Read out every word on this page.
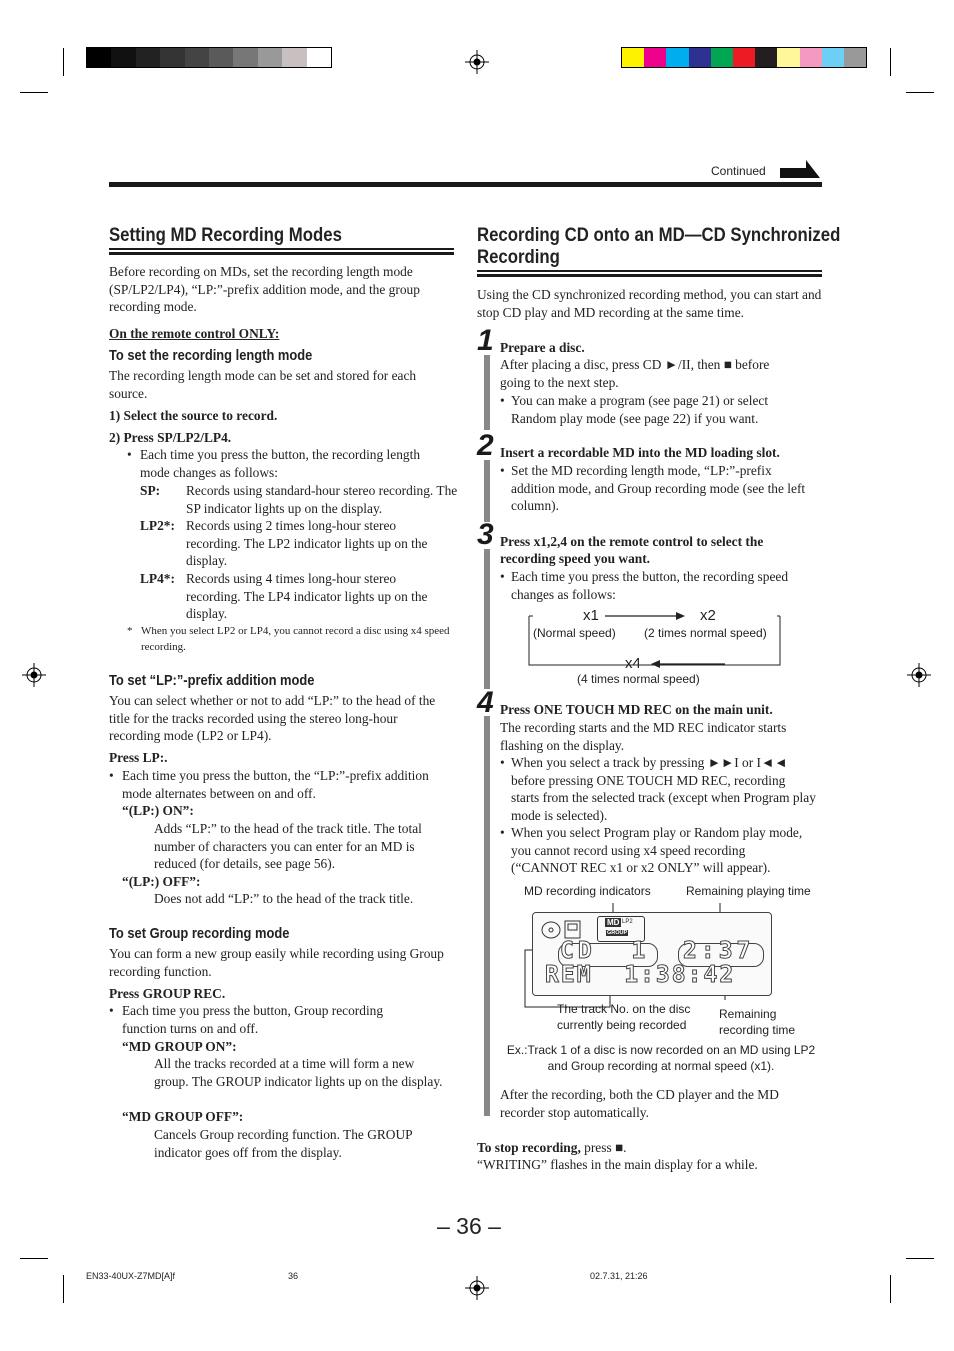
Continued
Setting MD Recording Modes
Before recording on MDs, set the recording length mode (SP/LP2/LP4), “LP:”-prefix addition mode, and the group recording mode.
On the remote control ONLY:
To set the recording length mode
The recording length mode can be set and stored for each source.
1) Select the source to record.
2) Press SP/LP2/LP4.
• Each time you press the button, the recording length mode changes as follows:
SP: Records using standard-hour stereo recording. The SP indicator lights up on the display.
LP2*: Records using 2 times long-hour stereo recording. The LP2 indicator lights up on the display.
LP4*: Records using 4 times long-hour stereo recording. The LP4 indicator lights up on the display.
* When you select LP2 or LP4, you cannot record a disc using x4 speed recording.
To set “LP:”-prefix addition mode
You can select whether or not to add “LP:” to the head of the title for the tracks recorded using the stereo long-hour recording mode (LP2 or LP4).
Press LP:.
• Each time you press the button, the “LP:”-prefix addition mode alternates between on and off.
“(LP:) ON”:
Adds “LP:” to the head of the track title. The total number of characters you can enter for an MD is reduced (for details, see page 56).
“(LP:) OFF”:
Does not add “LP:” to the head of the track title.
To set Group recording mode
You can form a new group easily while recording using Group recording function.
Press GROUP REC.
• Each time you press the button, Group recording function turns on and off.
“MD GROUP ON”:
All the tracks recorded at a time will form a new group. The GROUP indicator lights up on the display.
“MD GROUP OFF”:
Cancels Group recording function. The GROUP indicator goes off from the display.
Recording CD onto an MD—CD Synchronized
Recording
Using the CD synchronized recording method, you can start and stop CD play and MD recording at the same time.
1 Prepare a disc.
After placing a disc, press CD ►/II, then ■ before going to the next step.
• You can make a program (see page 21) or select Random play mode (see page 22) if you want.
2 Insert a recordable MD into the MD loading slot.
• Set the MD recording length mode, “LP:”-prefix addition mode, and Group recording mode (see the left column).
3 Press x1,2,4 on the remote control to select the
recording speed you want.
• Each time you press the button, the recording speed changes as follows:
x1
(Normal speed)
x2
(2 times normal speed)
x4
(4 times normal speed)
4 Press ONE TOUCH MD REC on the main unit.
The recording starts and the MD REC indicator starts flashing on the display.
• When you select a track by pressing ►►I or I◄◄ before pressing ONE TOUCH MD REC, recording starts from the selected track (except when Program play mode is selected).
• When you select Program play or Random play mode, you cannot record using x4 speed recording (“CANNOT REC x1 or x2 ONLY” will appear).
MD recording indicators	Remaining playing time
MD LP2
GROUP
CD  1 2:37
REM  1:38:42
The track No. on the disc currently being recorded
Remaining recording time
Ex.:Track 1 of a disc is now recorded on an MD using LP2 and Group recording at normal speed (x1).
After the recording, both the CD player and the MD recorder stop automatically.
To stop recording, press ■.
“WRITING” flashes in the main display for a while.
– 36 –
EN33-40UX-Z7MD[A]f	36	02.7.31, 21:26
